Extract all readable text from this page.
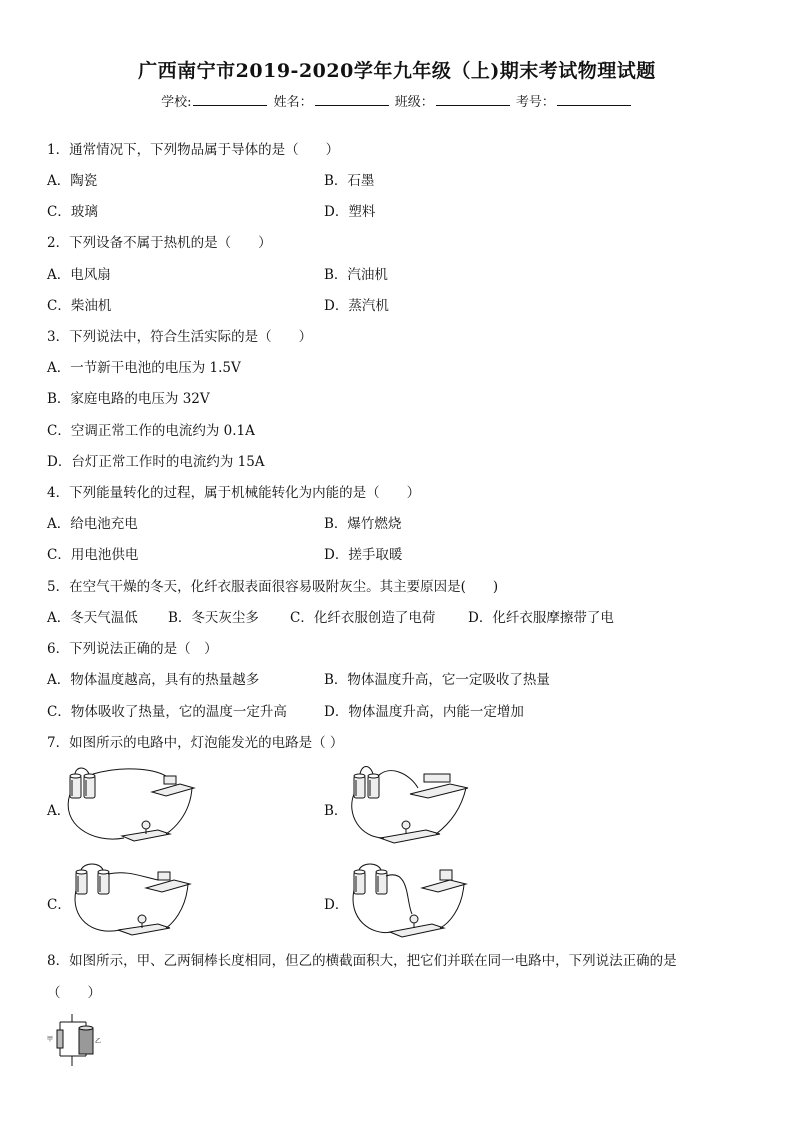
广西南宁市2019-2020学年九年级（上)期末考试物理试题
学校:	姓名：	班级：	考号：
1．通常情况下，下列物品属于导体的是（　　）
A．陶瓷	B．石墨
C．玻璃	D．塑料
2．下列设备不属于热机的是（　　）
A．电风扇	B．汽油机
C．柴油机	D．蒸汽机
3．下列说法中，符合生活实际的是（　　）
A．一节新干电池的电压为 1.5V
B．家庭电路的电压为 32V
C．空调正常工作的电流约为 0.1A
D．台灯正常工作时的电流约为 15A
4．下列能量转化的过程，属于机械能转化为内能的是（　　）
A．给电池充电	B．爆竹燃烧
C．用电池供电	D．搓手取暖
5．在空气干燥的冬天，化纤衣服表面很容易吸附灰尘。其主要原因是(　　)
A．冬天气温低 B．冬天灰尘多 C．化纤衣服创造了电荷 D．化纤衣服摩擦带了电
6．下列说法正确的是（　）
A．物体温度越高，具有的热量越多	B．物体温度升高，它一定吸收了热量
C．物体吸收了热量，它的温度一定升高	D．物体温度升高，内能一定增加
7．如图所示的电路中，灯泡能发光的电路是（ ）
A．	B．
C．	D．
8．如图所示，甲、乙两铜棒长度相同，但乙的横截面积大，把它们并联在同一电路中，下列说法正确的是
（　　）
甲	乙
